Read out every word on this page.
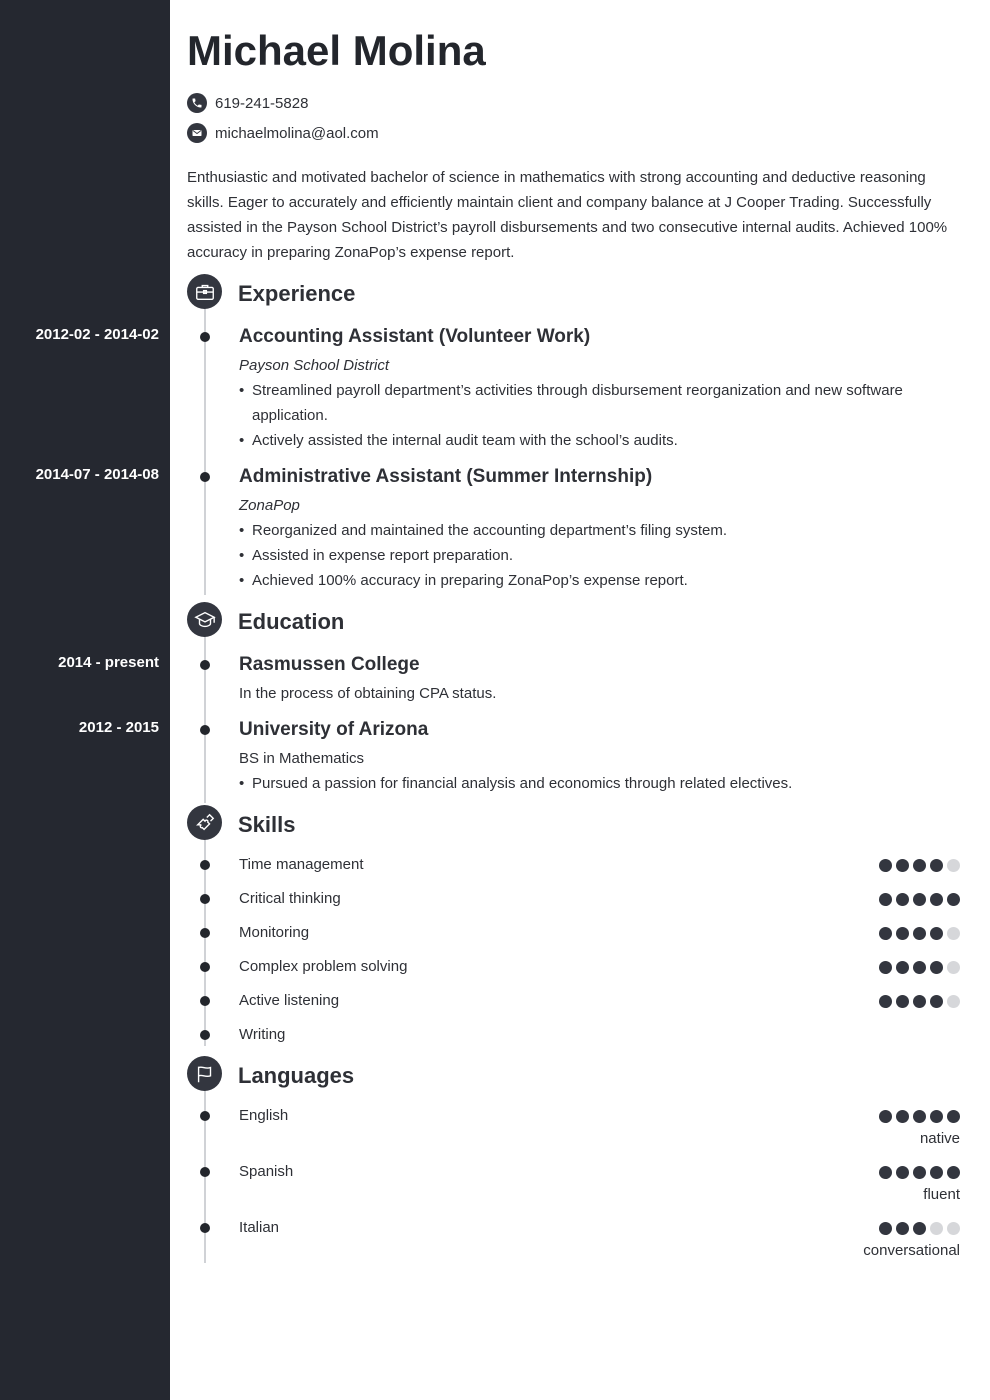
Michael Molina
619-241-5828
michaelmolina@aol.com

Enthusiastic and motivated bachelor of science in mathematics with strong accounting and deductive reasoning skills. Eager to accurately and efficiently maintain client and company balance at J Cooper Trading. Successfully assisted in the Payson School District’s payroll disbursements and two consecutive internal audits. Achieved 100% accuracy in preparing ZonaPop’s expense report.

Experience
2012-02 - 2014-02	Accounting Assistant (Volunteer Work)
Payson School District
• Streamlined payroll department’s activities through disbursement reorganization and new software application.
• Actively assisted the internal audit team with the school’s audits.
2014-07 - 2014-08	Administrative Assistant (Summer Internship)
ZonaPop
• Reorganized and maintained the accounting department’s filing system.
• Assisted in expense report preparation.
• Achieved 100% accuracy in preparing ZonaPop’s expense report.
Education
2014 - present	Rasmussen College
In the process of obtaining CPA status.
2012 - 2015	University of Arizona
BS in Mathematics
• Pursued a passion for financial analysis and economics through related electives.
Skills
Time management
Critical thinking
Monitoring
Complex problem solving
Active listening
Writing
Languages
English
native
Spanish
fluent
Italian
conversational
